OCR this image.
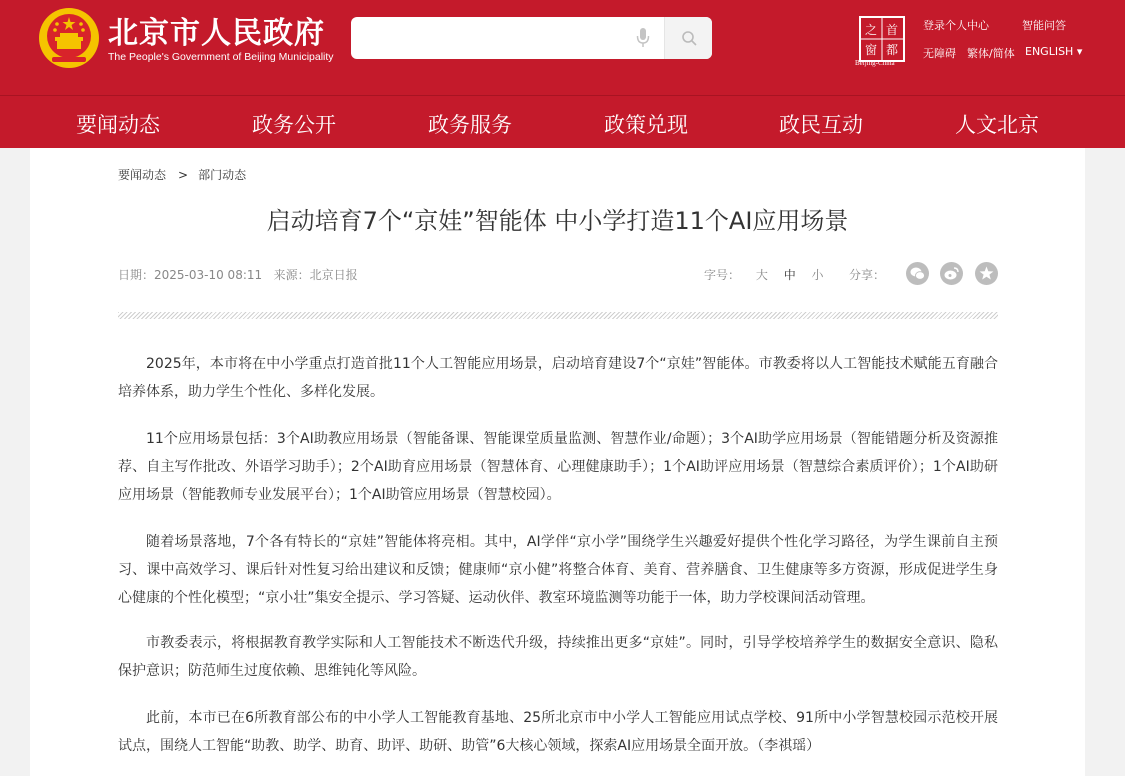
北京市人民政府
The People's Government of Beijing Municipality
之 首
窗 都
Beijing-China
登录个人中心	智能问答
无障碍 繁体/简体 ENGLISH ▾
要闻动态	政务公开	政务服务	政策兑现	政民互动	人文北京
要闻动态 > 部门动态
启动培育7个“京娃”智能体 中小学打造11个AI应用场景
日期：2025-03-10 08:11 来源：北京日报	字号： 大 中 小	分享：
2025年，本市将在中小学重点打造首批11个人工智能应用场景，启动培育建设7个“京娃”智能体。市教委将以人工智能技术赋能五育融合培养体系，助力学生个性化、多样化发展。
11个应用场景包括：3个AI助教应用场景（智能备课、智能课堂质量监测、智慧作业/命题）；3个AI助学应用场景（智能错题分析及资源推荐、自主写作批改、外语学习助手）；2个AI助育应用场景（智慧体育、心理健康助手）；1个AI助评应用场景（智慧综合素质评价）；1个AI助研应用场景（智能教师专业发展平台）；1个AI助管应用场景（智慧校园）。
随着场景落地，7个各有特长的“京娃”智能体将亮相。其中，AI学伴“京小学”围绕学生兴趣爱好提供个性化学习路径，为学生课前自主预习、课中高效学习、课后针对性复习给出建议和反馈；健康师“京小健”将整合体育、美育、营养膳食、卫生健康等多方资源，形成促进学生身心健康的个性化模型；“京小壮”集安全提示、学习答疑、运动伙伴、教室环境监测等功能于一体，助力学校课间活动管理。
市教委表示，将根据教育教学实际和人工智能技术不断迭代升级，持续推出更多“京娃”。同时，引导学校培养学生的数据安全意识、隐私保护意识；防范师生过度依赖、思维钝化等风险。
此前，本市已在6所教育部公布的中小学人工智能教育基地、25所北京市中小学人工智能应用试点学校、91所中小学智慧校园示范校开展试点，围绕人工智能“助教、助学、助育、助评、助研、助管”6大核心领域，探索AI应用场景全面开放。（李祺瑶）
